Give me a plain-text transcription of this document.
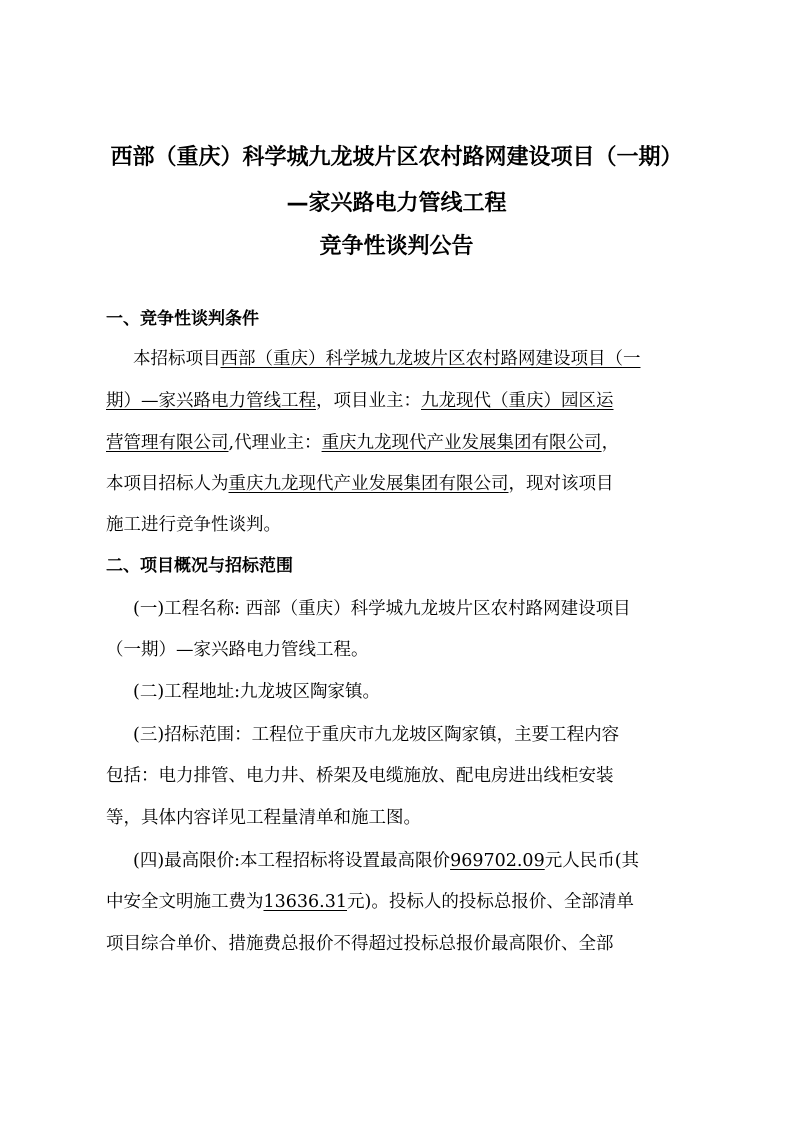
西部（重庆）科学城九龙坡片区农村路网建设项目（一期）
—家兴路电力管线工程
竞争性谈判公告
一、竞争性谈判条件
本招标项目西部（重庆）科学城九龙坡片区农村路网建设项目（一
期）—家兴路电力管线工程，项目业主：九龙现代（重庆）园区运
营管理有限公司,代理业主：重庆九龙现代产业发展集团有限公司，
本项目招标人为重庆九龙现代产业发展集团有限公司，现对该项目
施工进行竞争性谈判。
二、项目概况与招标范围
(一)工程名称: 西部（重庆）科学城九龙坡片区农村路网建设项目
（一期）—家兴路电力管线工程。
(二)工程地址:九龙坡区陶家镇。
(三)招标范围：工程位于重庆市九龙坡区陶家镇，主要工程内容
包括：电力排管、电力井、桥架及电缆施放、配电房进出线柜安装
等，具体内容详见工程量清单和施工图。
(四)最高限价:本工程招标将设置最高限价969702.09元人民币(其
中安全文明施工费为13636.31元)。投标人的投标总报价、全部清单
项目综合单价、措施费总报价不得超过投标总报价最高限价、全部
